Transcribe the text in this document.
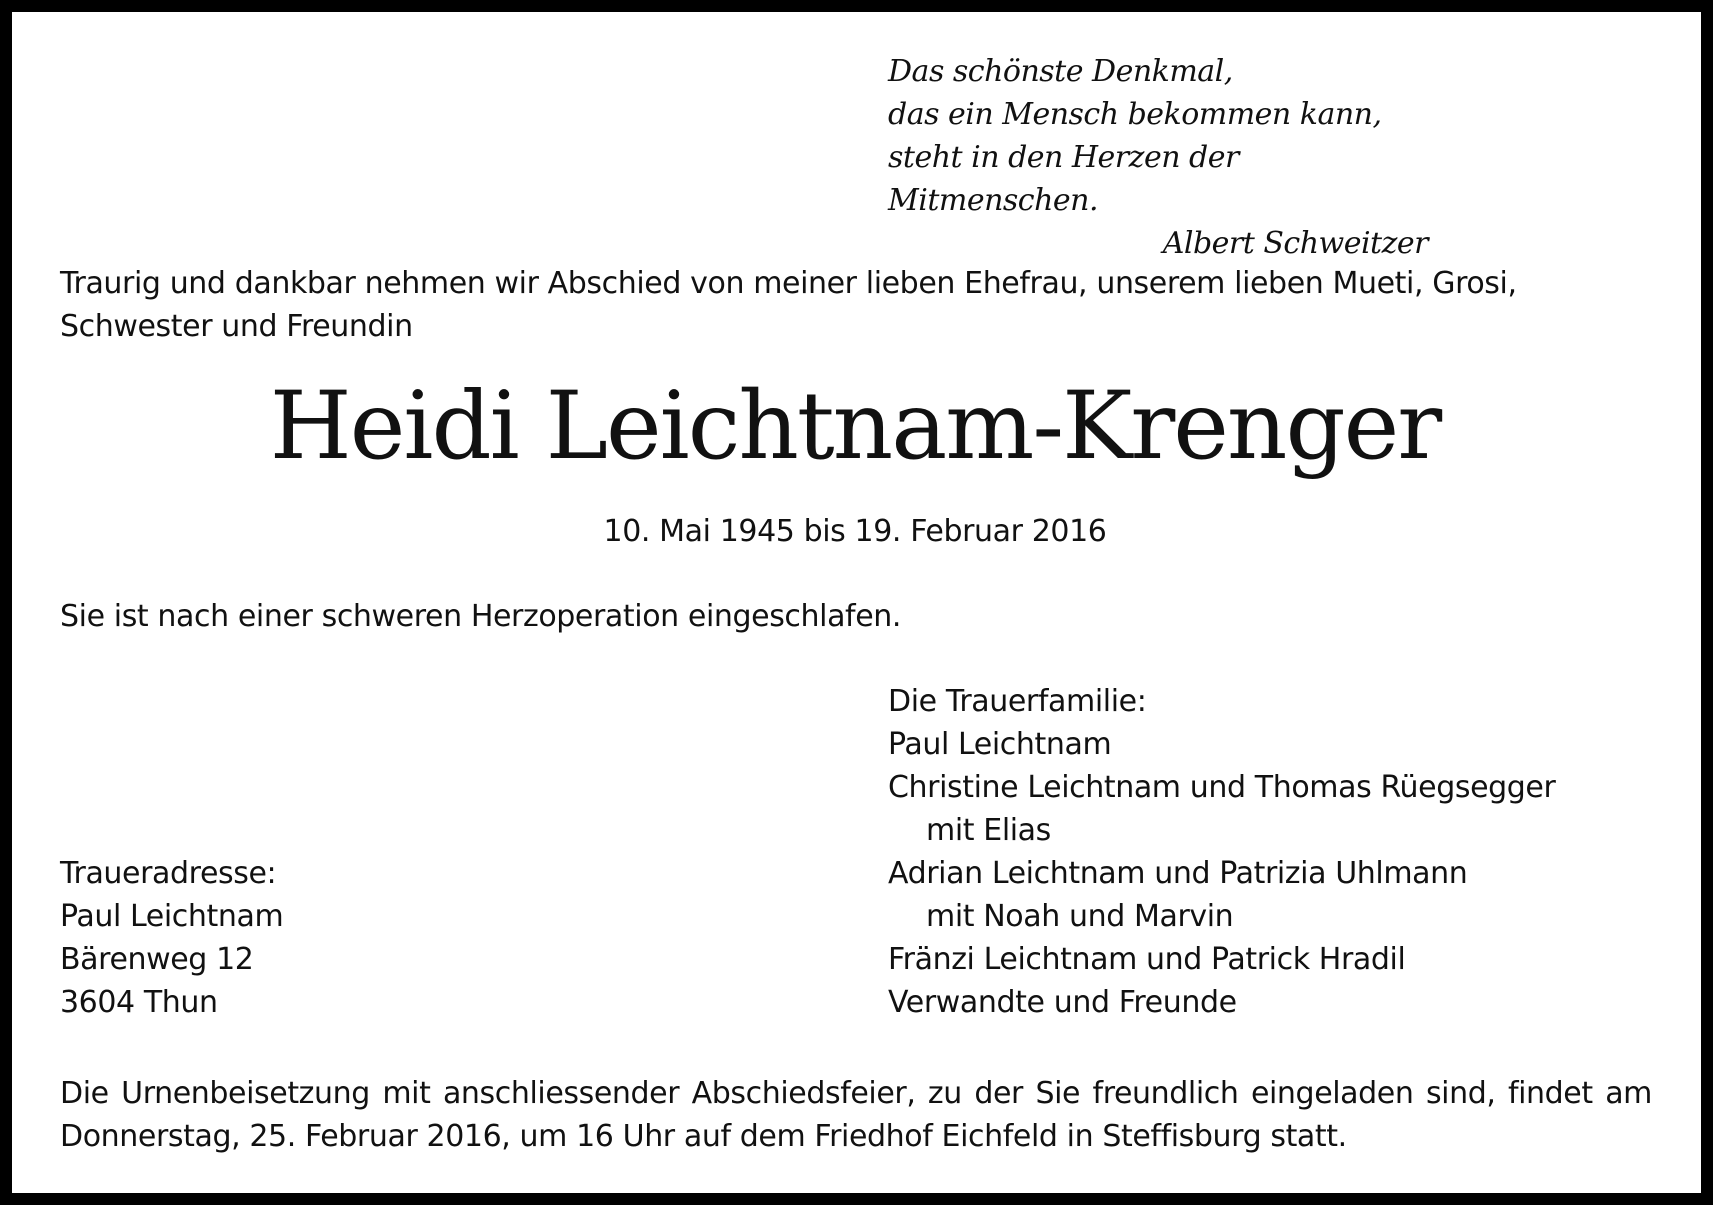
Das schönste Denkmal,
das ein Mensch bekommen kann,
steht in den Herzen der Mitmenschen.
Albert Schweitzer
Traurig und dankbar nehmen wir Abschied von meiner lieben Ehefrau, unserem lieben Mueti, Grosi, Schwester und Freundin
Heidi Leichtnam-Krenger
10. Mai 1945 bis 19. Februar 2016
Sie ist nach einer schweren Herzoperation eingeschlafen.
Die Trauerfamilie:
Paul Leichtnam
Christine Leichtnam und Thomas Rüegsegger
mit Elias
Adrian Leichtnam und Patrizia Uhlmann
mit Noah und Marvin
Fränzi Leichtnam und Patrick Hradil
Verwandte und Freunde
Traueradresse:
Paul Leichtnam
Bärenweg 12
3604 Thun
Die Urnenbeisetzung mit anschliessender Abschiedsfeier, zu der Sie freundlich eingeladen sind, findet am Donnerstag, 25. Februar 2016, um 16 Uhr auf dem Friedhof Eichfeld in Steffisburg statt.
